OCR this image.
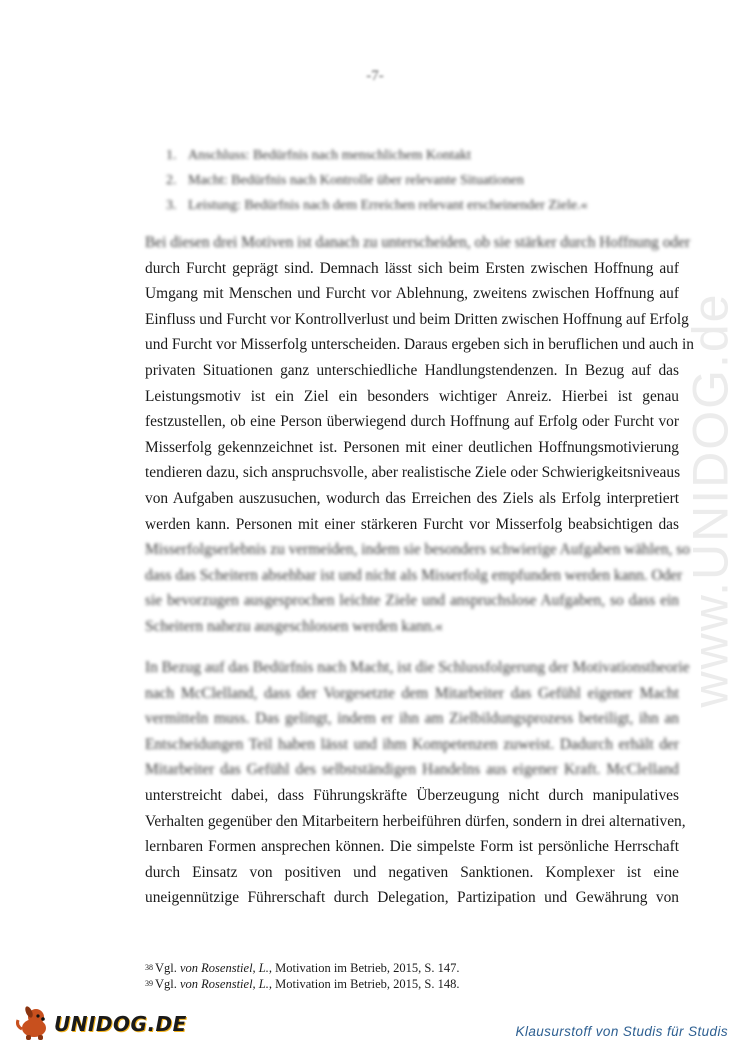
-7-
1. Anschluss: Bedürfnis nach menschlichem Kontakt
2. Macht: Bedürfnis nach Kontrolle über relevante Situationen
3. Leistung: Bedürfnis nach dem Erreichen relevant erscheinender Ziele.«
Bei diesen drei Motiven ist danach zu unterscheiden, ob sie stärker durch Hoffnung oder
durch Furcht geprägt sind. Demnach lässt sich beim Ersten zwischen Hoffnung auf
Umgang mit Menschen und Furcht vor Ablehnung, zweitens zwischen Hoffnung auf
Einfluss und Furcht vor Kontrollverlust und beim Dritten zwischen Hoffnung auf Erfolg
und Furcht vor Misserfolg unterscheiden. Daraus ergeben sich in beruflichen und auch in
privaten Situationen ganz unterschiedliche Handlungstendenzen. In Bezug auf das
Leistungsmotiv ist ein Ziel ein besonders wichtiger Anreiz. Hierbei ist genau
festzustellen, ob eine Person überwiegend durch Hoffnung auf Erfolg oder Furcht vor
Misserfolg gekennzeichnet ist. Personen mit einer deutlichen Hoffnungsmotivierung
tendieren dazu, sich anspruchsvolle, aber realistische Ziele oder Schwierigkeitsniveaus
von Aufgaben auszusuchen, wodurch das Erreichen des Ziels als Erfolg interpretiert
werden kann. Personen mit einer stärkeren Furcht vor Misserfolg beabsichtigen das
Misserfolgserlebnis zu vermeiden, indem sie besonders schwierige Aufgaben wählen, so
dass das Scheitern absehbar ist und nicht als Misserfolg empfunden werden kann. Oder
sie bevorzugen ausgesprochen leichte Ziele und anspruchslose Aufgaben, so dass ein
Scheitern nahezu ausgeschlossen werden kann.«
In Bezug auf das Bedürfnis nach Macht, ist die Schlussfolgerung der Motivationstheorie
nach McClelland, dass der Vorgesetzte dem Mitarbeiter das Gefühl eigener Macht
vermitteln muss. Das gelingt, indem er ihn am Zielbildungsprozess beteiligt, ihn an
Entscheidungen Teil haben lässt und ihm Kompetenzen zuweist. Dadurch erhält der
Mitarbeiter das Gefühl des selbstständigen Handelns aus eigener Kraft. McClelland
unterstreicht dabei, dass Führungskräfte Überzeugung nicht durch manipulatives
Verhalten gegenüber den Mitarbeitern herbeiführen dürfen, sondern in drei alternativen,
lernbaren Formen ansprechen können. Die simpelste Form ist persönliche Herrschaft
durch Einsatz von positiven und negativen Sanktionen. Komplexer ist eine
uneigennützige Führerschaft durch Delegation, Partizipation und Gewährung von
$^{38}$ Vgl. von Rosenstiel, L., Motivation im Betrieb, 2015, S. 147.
$^{39}$ Vgl. von Rosenstiel, L., Motivation im Betrieb, 2015, S. 148.
www.UNIDOG.de
UNIDOG.DE	Klausurstoff von Studis für Studis
